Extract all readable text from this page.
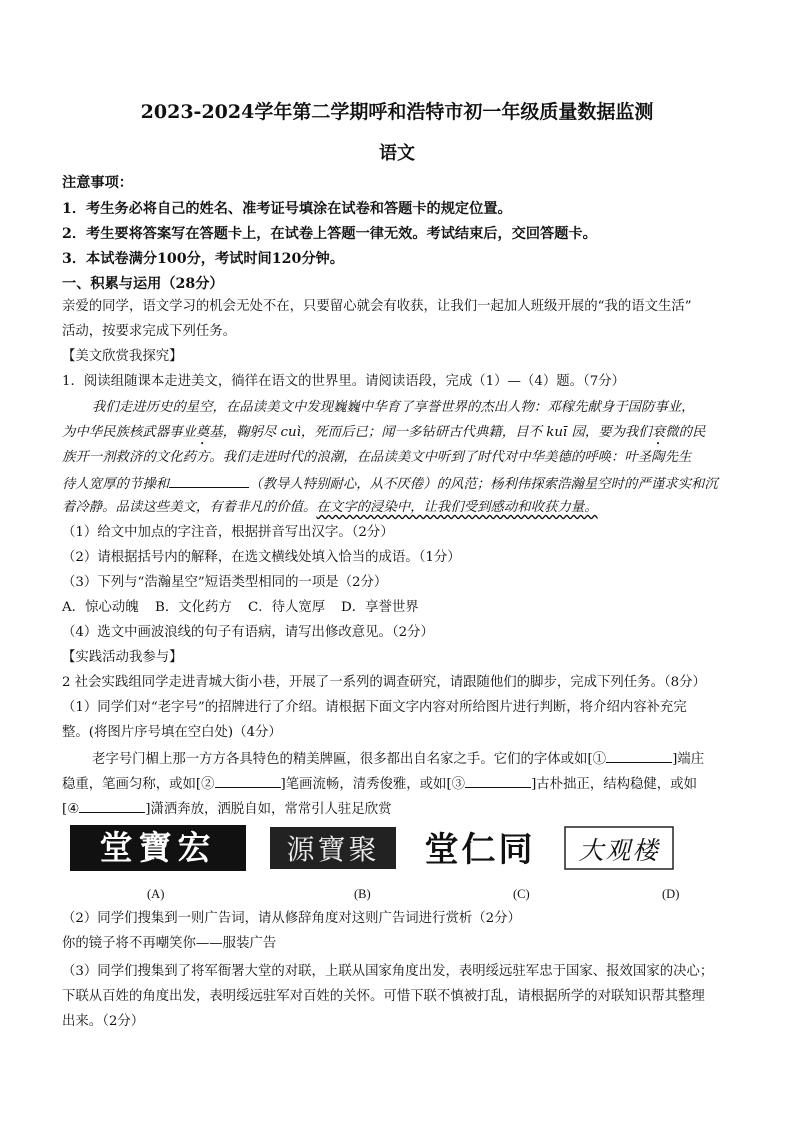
2023-2024学年第二学期呼和浩特市初一年级质量数据监测
语文
注意事项：
1．考生务必将自己的姓名、准考证号填涂在试卷和答题卡的规定位置。
2．考生要将答案写在答题卡上，在试卷上答题一律无效。考试结束后，交回答题卡。
3．本试卷满分100分，考试时间120分钟。
一、积累与运用（28分）
亲爱的同学，语文学习的机会无处不在，只要留心就会有收获，让我们一起加人班级开展的“我的语文生活”
活动，按要求完成下列任务。
【美文欣赏我探究】
1．阅读组随课本走进美文，徜徉在语文的世界里。请阅读语段，完成（1）—（4）题。（7分）
我们走进历史的星空，在品读美文中发现巍巍中华育了享誉世界的杰出人物：邓稼先献身于国防事业，
为中华民族核武器事业奠基，鞠躬尽 cuì，死而后已；闻一多钻研古代典籍，目不 kuī 园，要为我们衰微的民
族开一剂救济的文化药方。我们走进时代的浪潮，在品读美文中听到了时代对中华美德的呼唤：叶圣陶先生
待人宽厚的节操和	（教导人特别耐心，从不厌倦）的风范；杨利伟探索浩瀚星空时的严谨求实和沉
着冷静。品读这些美文，有着非凡的价值。在文字的浸染中，让我们受到感动和收获力量。
（1）给文中加点的字注音，根据拼音写出汉字。（2分）
（2）请根据括号内的解释，在选文横线处填入恰当的成语。（1分）
（3）下列与“浩瀚星空”短语类型相同的一项是（2分）
A．惊心动魄 B．文化药方 C．待人宽厚 D．享誉世界
（4）选文中画波浪线的句子有语病，请写出修改意见。（2分）
【实践活动我参与】
2 社会实践组同学走进青城大街小巷，开展了一系列的调查研究，请跟随他们的脚步，完成下列任务。（8分）
（1）同学们对“老字号”的招牌进行了介绍。请根据下面文字内容对所给图片进行判断，将介绍内容补充完
整。(将图片序号填在空白处)（4分）
老字号门楣上那一方方各具特色的精美牌匾，很多都出自名家之手。它们的字体或如[①	]端庄
稳重，笔画匀称，或如[②	]笔画流畅，清秀俊雅，或如[③	]古朴拙正，结构稳健，或如
[④	]潇洒奔放，洒脱自如，常常引人驻足欣赏
堂寶宏 源寶聚 堂仁同 大观楼
(A)	(B)	(C)	(D)
（2）同学们搜集到一则广告词，请从修辞角度对这则广告词进行赏析（2分）
你的镜子将不再嘲笑你——服装广告
（3）同学们搜集到了将军衙署大堂的对联，上联从国家角度出发，表明绥远驻军忠于国家、报效国家的决心；
下联从百姓的角度出发，表明绥远驻军对百姓的关怀。可惜下联不慎被打乱，请根据所学的对联知识帮其整理
出来。（2分）
